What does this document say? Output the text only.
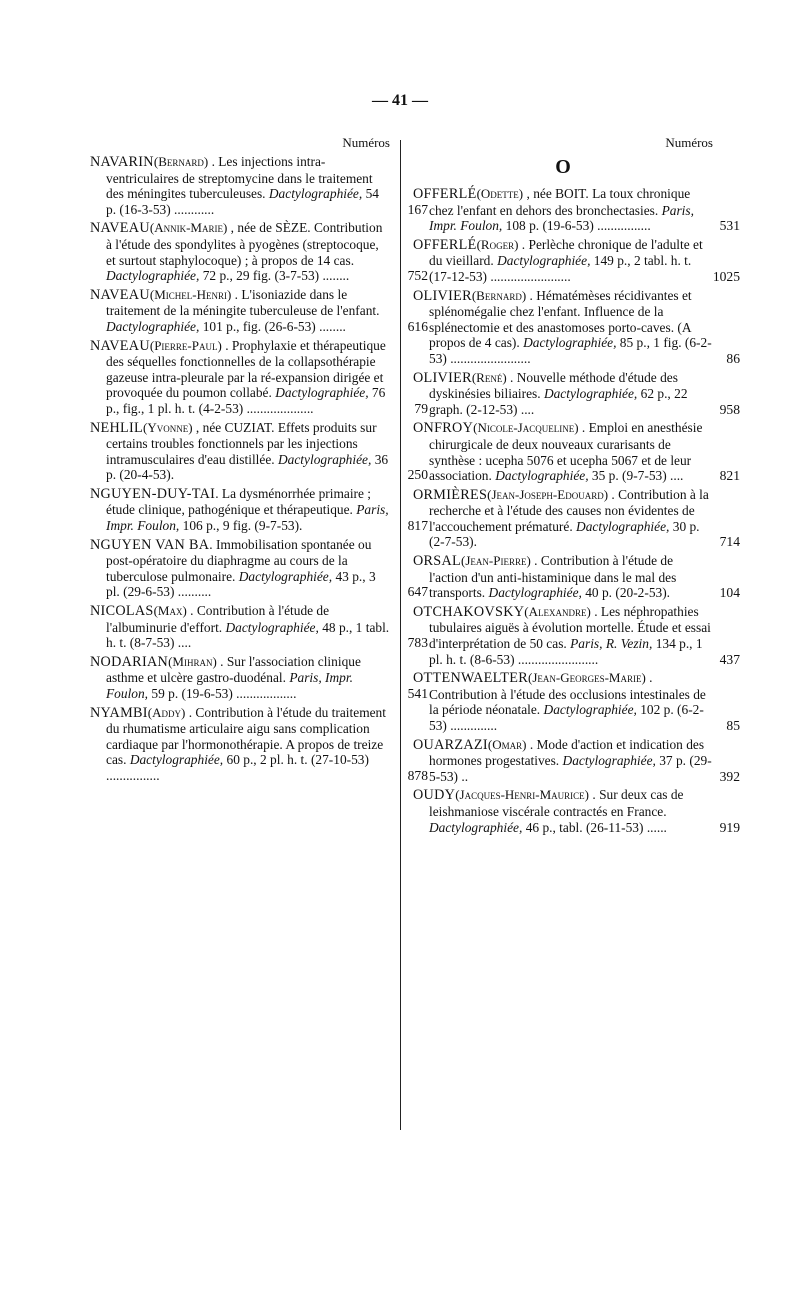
— 41 —
Numéros
NAVARIN(Bernard) . Les injections intra-ventriculaires de streptomycine dans le traitement des méningites tuberculeuses. Dactylographiée, 54 p. (16-3-53) ............	167
NAVEAU(Annik-Marie) , née de SÈZE. Contribution à l'étude des spondylites à pyogènes (streptocoque, et surtout staphylocoque) ; à propos de 14 cas. Dactylographiée, 72 p., 29 fig. (3-7-53) ........	752
NAVEAU(Michel-Henri) . L'isoniazide dans le traitement de la méningite tuberculeuse de l'enfant. Dactylographiée, 101 p., fig. (26-6-53) ........	616
NAVEAU(Pierre-Paul) . Prophylaxie et thérapeutique des séquelles fonctionnelles de la collapsothérapie gazeuse intra-pleurale par la ré-expansion dirigée et provoquée du poumon collabé. Dactylographiée, 76 p., fig., 1 pl. h. t. (4-2-53) ....................	79
NEHLIL(Yvonne) , née CUZIAT. Effets produits sur certains troubles fonctionnels par les injections intramusculaires d'eau distillée. Dactylographiée, 36 p. (20-4-53).	250
NGUYEN-DUY-TAI. La dysménorrhée primaire ; étude clinique, pathogénique et thérapeutique. Paris, Impr. Foulon, 106 p., 9 fig. (9-7-53).	817
NGUYEN VAN BA. Immobilisation spontanée ou post-opératoire du diaphragme au cours de la tuberculose pulmonaire. Dactylographiée, 43 p., 3 pl. (29-6-53) ..........	647
NICOLAS(Max) . Contribution à l'étude de l'albuminurie d'effort. Dactylographiée, 48 p., 1 tabl. h. t. (8-7-53) ....	783
NODARIAN(Mihran) . Sur l'association clinique asthme et ulcère gastro-duodénal. Paris, Impr. Foulon, 59 p. (19-6-53) ..................	541
NYAMBI(Addy) . Contribution à l'étude du traitement du rhumatisme articulaire aigu sans complication cardiaque par l'hormonothérapie. A propos de treize cas. Dactylographiée, 60 p., 2 pl. h. t. (27-10-53) ................	878
Numéros
O
OFFERLÉ(Odette) , née BOIT. La toux chronique chez l'enfant en dehors des bronchectasies. Paris, Impr. Foulon, 108 p. (19-6-53) ................	531
OFFERLÉ(Roger) . Perlèche chronique de l'adulte et du vieillard. Dactylographiée, 149 p., 2 tabl. h. t. (17-12-53) ........................	1025
OLIVIER(Bernard) . Hématémèses récidivantes et splénomégalie chez l'enfant. Influence de la splénectomie et des anastomoses porto-caves. (A propos de 4 cas). Dactylographiée, 85 p., 1 fig. (6-2-53) ........................	86
OLIVIER(René) . Nouvelle méthode d'étude des dyskinésies biliaires. Dactylographiée, 62 p., 22 graph. (2-12-53) ....	958
ONFROY(Nicole-Jacqueline) . Emploi en anesthésie chirurgicale de deux nouveaux curarisants de synthèse : ucepha 5076 et ucepha 5067 et de leur association. Dactylographiée, 35 p. (9-7-53) ....	821
ORMIÈRES(Jean-Joseph-Edouard) . Contribution à la recherche et à l'étude des causes non évidentes de l'accouchement prématuré. Dactylographiée, 30 p. (2-7-53).	714
ORSAL(Jean-Pierre) . Contribution à l'étude de l'action d'un anti-histaminique dans le mal des transports. Dactylographiée, 40 p. (20-2-53).	104
OTCHAKOVSKY(Alexandre) . Les néphropathies tubulaires aiguës à évolution mortelle. Étude et essai d'interprétation de 50 cas. Paris, R. Vezin, 134 p., 1 pl. h. t. (8-6-53) ........................	437
OTTENWAELTER(Jean-Georges-Marie) . Contribution à l'étude des occlusions intestinales de la période néonatale. Dactylographiée, 102 p. (6-2-53) ..............	85
OUARZAZI(Omar) . Mode d'action et indication des hormones progestatives. Dactylographiée, 37 p. (29-5-53) ..	392
OUDY(Jacques-Henri-Maurice) . Sur deux cas de leishmaniose viscérale contractés en France. Dactylographiée, 46 p., tabl. (26-11-53) ......	919
